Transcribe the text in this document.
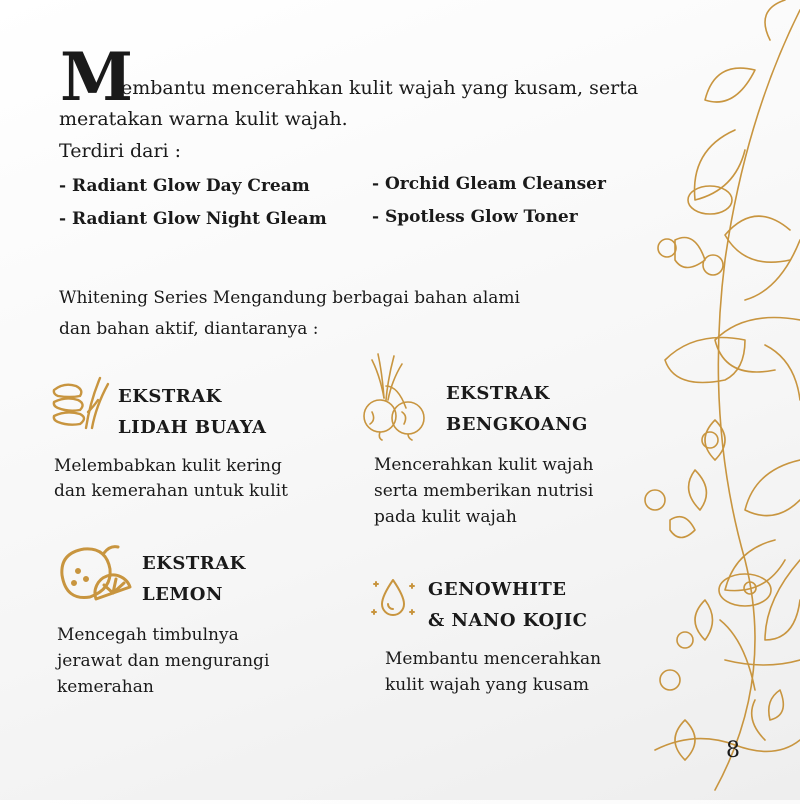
M
embantu mencerahkan kulit wajah yang kusam, serta
meratakan warna kulit wajah.
Terdiri dari :
- Radiant Glow Day Cream
- Radiant Glow Night Gleam
- Orchid Gleam Cleanser
- Spotless Glow Toner
Whitening Series Mengandung berbagai bahan alami
dan bahan aktif, diantaranya :
EKSTRAK
LIDAH BUAYA
Melembabkan kulit kering
dan kemerahan untuk kulit
EKSTRAK
BENGKOANG
Mencerahkan kulit wajah
serta memberikan nutrisi
pada kulit wajah
EKSTRAK
LEMON
Mencegah timbulnya
jerawat dan mengurangi
kemerahan
GENOWHITE
& NANO KOJIC
Membantu mencerahkan
kulit wajah yang kusam
8
